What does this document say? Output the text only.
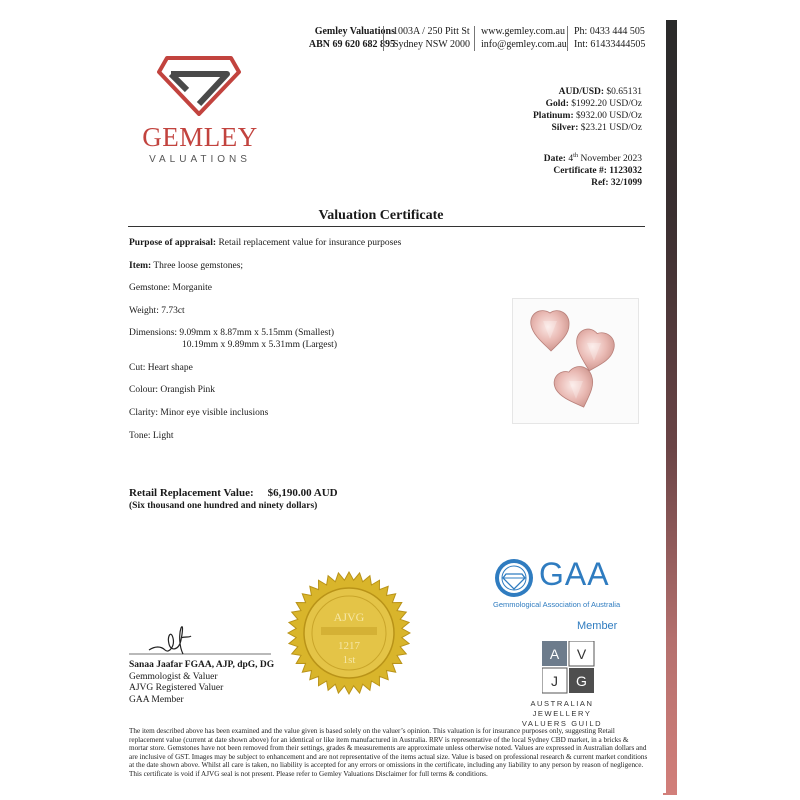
Gemley Valuations
ABN 69 620 682 895
1003A / 250 Pitt St
Sydney NSW 2000
www.gemley.com.au
info@gemley.com.au
Ph: 0433 444 505
Int: 61433444505
GEMLEY
VALUATIONS
AUD/USD: $0.65131
Gold: $1992.20 USD/Oz
Platinum: $932.00 USD/Oz
Silver: $23.21 USD/Oz
Date: 4th November 2023
Certificate #: 1123032
Ref: 32/1099
Valuation Certificate
Purpose of appraisal: Retail replacement value for insurance purposes
Item: Three loose gemstones;
Gemstone: Morganite
Weight: 7.73ct
Dimensions: 9.09mm x 8.87mm x 5.15mm (Smallest)
10.19mm x 9.89mm x 5.31mm (Largest)
Cut: Heart shape
Colour: Orangish Pink
Clarity: Minor eye visible inclusions
Tone: Light
Retail Replacement Value: $6,190.00 AUD
(Six thousand one hundred and ninety dollars)
AJVG
1217
1st
Sanaa Jaafar FGAA, AJP, dpG, DG
Gemmologist & Valuer
AJVG Registered Valuer
GAA Member
GAA
Gemmological Association of Australia
Member
A V
J G
AUSTRALIAN JEWELLERY
VALUERS GUILD
The item described above has been examined and the value given is based solely on the valuer’s opinion. This valuation is for insurance purposes only, suggesting Retail replacement value (current at date shown above) for an identical or like item manufactured in Australia. RRV is representative of the local Sydney CBD market, in a bricks & mortar store. Gemstones have not been removed from their settings, grades & measurements are approximate unless otherwise noted. Values are expressed in Australian dollars and are inclusive of GST. Images may be subject to enhancement and are not representative of the items actual size. Value is based on professional research & current market conditions at the date shown above. Whilst all care is taken, no liability is accepted for any errors or omissions in the certificate, including any liability to any person by reason of negligence. This certificate is void if AJVG seal is not present. Please refer to Gemley Valuations Disclaimer for full terms & conditions.
